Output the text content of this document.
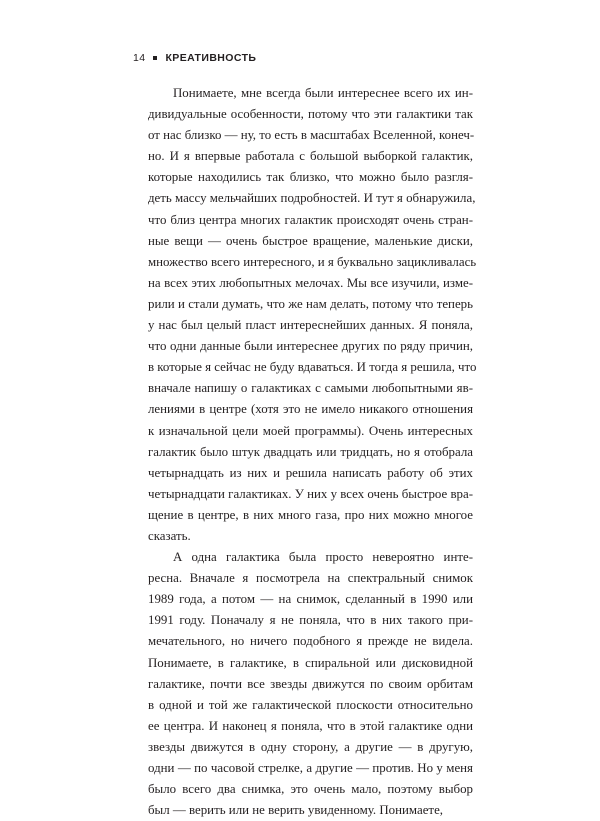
14 КРЕАТИВНОСТЬ
Понимаете, мне всегда были интереснее всего их ин-
дивидуальные особенности, потому что эти галактики так
от нас близко — ну, то есть в масштабах Вселенной, конеч-
но. И я впервые работала с большой выборкой галактик,
которые находились так близко, что можно было разгля-
деть массу мельчайших подробностей. И тут я обнаружила,
что близ центра многих галактик происходят очень стран-
ные вещи — очень быстрое вращение, маленькие диски,
множество всего интересного, и я буквально зацикливалась
на всех этих любопытных мелочах. Мы все изучили, изме-
рили и стали думать, что же нам делать, потому что теперь
у нас был целый пласт интереснейших данных. Я поняла,
что одни данные были интереснее других по ряду причин,
в которые я сейчас не буду вдаваться. И тогда я решила, что
вначале напишу о галактиках с самыми любопытными яв-
лениями в центре (хотя это не имело никакого отношения
к изначальной цели моей программы). Очень интересных
галактик было штук двадцать или тридцать, но я отобрала
четырнадцать из них и решила написать работу об этих
четырнадцати галактиках. У них у всех очень быстрое вра-
щение в центре, в них много газа, про них можно многое
сказать.
А одна галактика была просто невероятно инте-
ресна. Вначале я посмотрела на спектральный снимок
1989 года, а потом — на снимок, сделанный в 1990 или
1991 году. Поначалу я не поняла, что в них такого при-
мечательного, но ничего подобного я прежде не видела.
Понимаете, в галактике, в спиральной или дисковидной
галактике, почти все звезды движутся по своим орбитам
в одной и той же галактической плоскости относительно
ее центра. И наконец я поняла, что в этой галактике одни
звезды движутся в одну сторону, а другие — в другую,
одни — по часовой стрелке, а другие — против. Но у меня
было всего два снимка, это очень мало, поэтому выбор
был — верить или не верить увиденному. Понимаете,
